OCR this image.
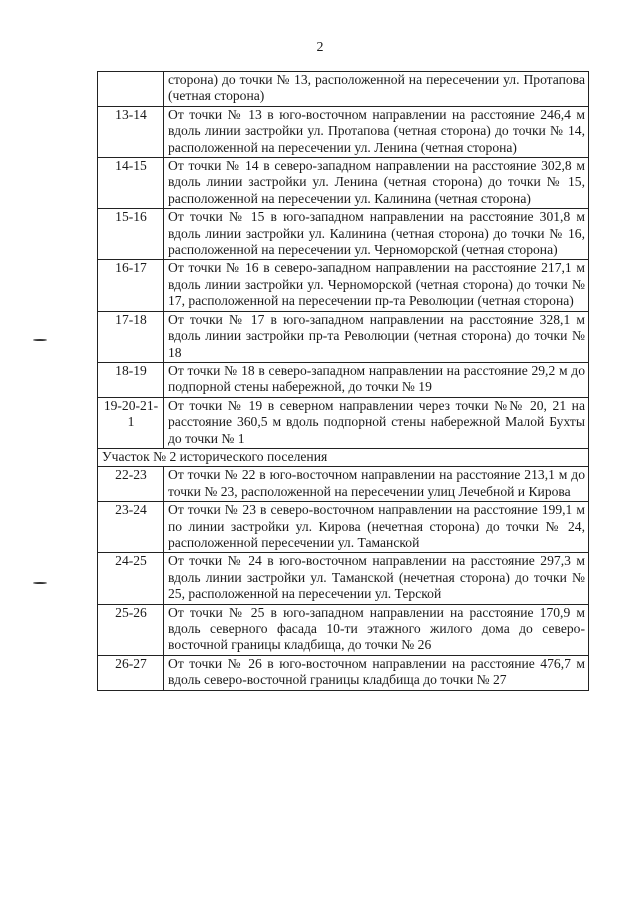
2
	сторона) до точки № 13, расположенной на пересечении ул. Протапова (четная сторона)
13-14	От точки № 13 в юго-восточном направлении на расстояние 246,4 м вдоль линии застройки ул. Протапова (четная сторона) до точки № 14, расположенной на пересечении ул. Ленина (четная сторона)
14-15	От точки № 14 в северо-западном направлении на расстояние 302,8 м вдоль линии застройки ул. Ленина (четная сторона) до точки № 15, расположенной на пересечении ул. Калинина (четная сторона)
15-16	От точки № 15 в юго-западном направлении на расстояние 301,8 м вдоль линии застройки ул. Калинина (четная сторона) до точки № 16, расположенной на пересечении ул. Черноморской (четная сторона)
16-17	От точки № 16 в северо-западном направлении на расстояние 217,1 м вдоль линии застройки ул. Черноморской (четная сторона) до точки № 17, расположенной на пересечении пр-та Революции (четная сторона)
17-18	От точки № 17 в юго-западном направлении на расстояние 328,1 м вдоль линии застройки пр-та Революции (четная сторона) до точки № 18
18-19	От точки № 18 в северо-западном направлении на расстояние 29,2 м до подпорной стены набережной, до точки № 19
19-20-21-1	От точки № 19 в северном направлении через точки №№ 20, 21 на расстояние 360,5 м вдоль подпорной стены набережной Малой Бухты до точки № 1
Участок № 2 исторического поселения	
22-23	От точки № 22 в юго-восточном направлении на расстояние 213,1 м до точки № 23, расположенной на пересечении улиц Лечебной и Кирова
23-24	От точки № 23 в северо-восточном направлении на расстояние 199,1 м по линии застройки ул. Кирова (нечетная сторона) до точки № 24, расположенной пересечении ул. Таманской
24-25	От точки № 24 в юго-восточном направлении на расстояние 297,3 м вдоль линии застройки ул. Таманской (нечетная сторона) до точки № 25, расположенной на пересечении ул. Терской
25-26	От точки № 25 в юго-западном направлении на расстояние 170,9 м вдоль северного фасада 10-ти этажного жилого дома до северо-восточной границы кладбища, до точки № 26
26-27	От точки № 26 в юго-восточном направлении на расстояние 476,7 м вдоль северо-восточной границы кладбища до точки № 27
